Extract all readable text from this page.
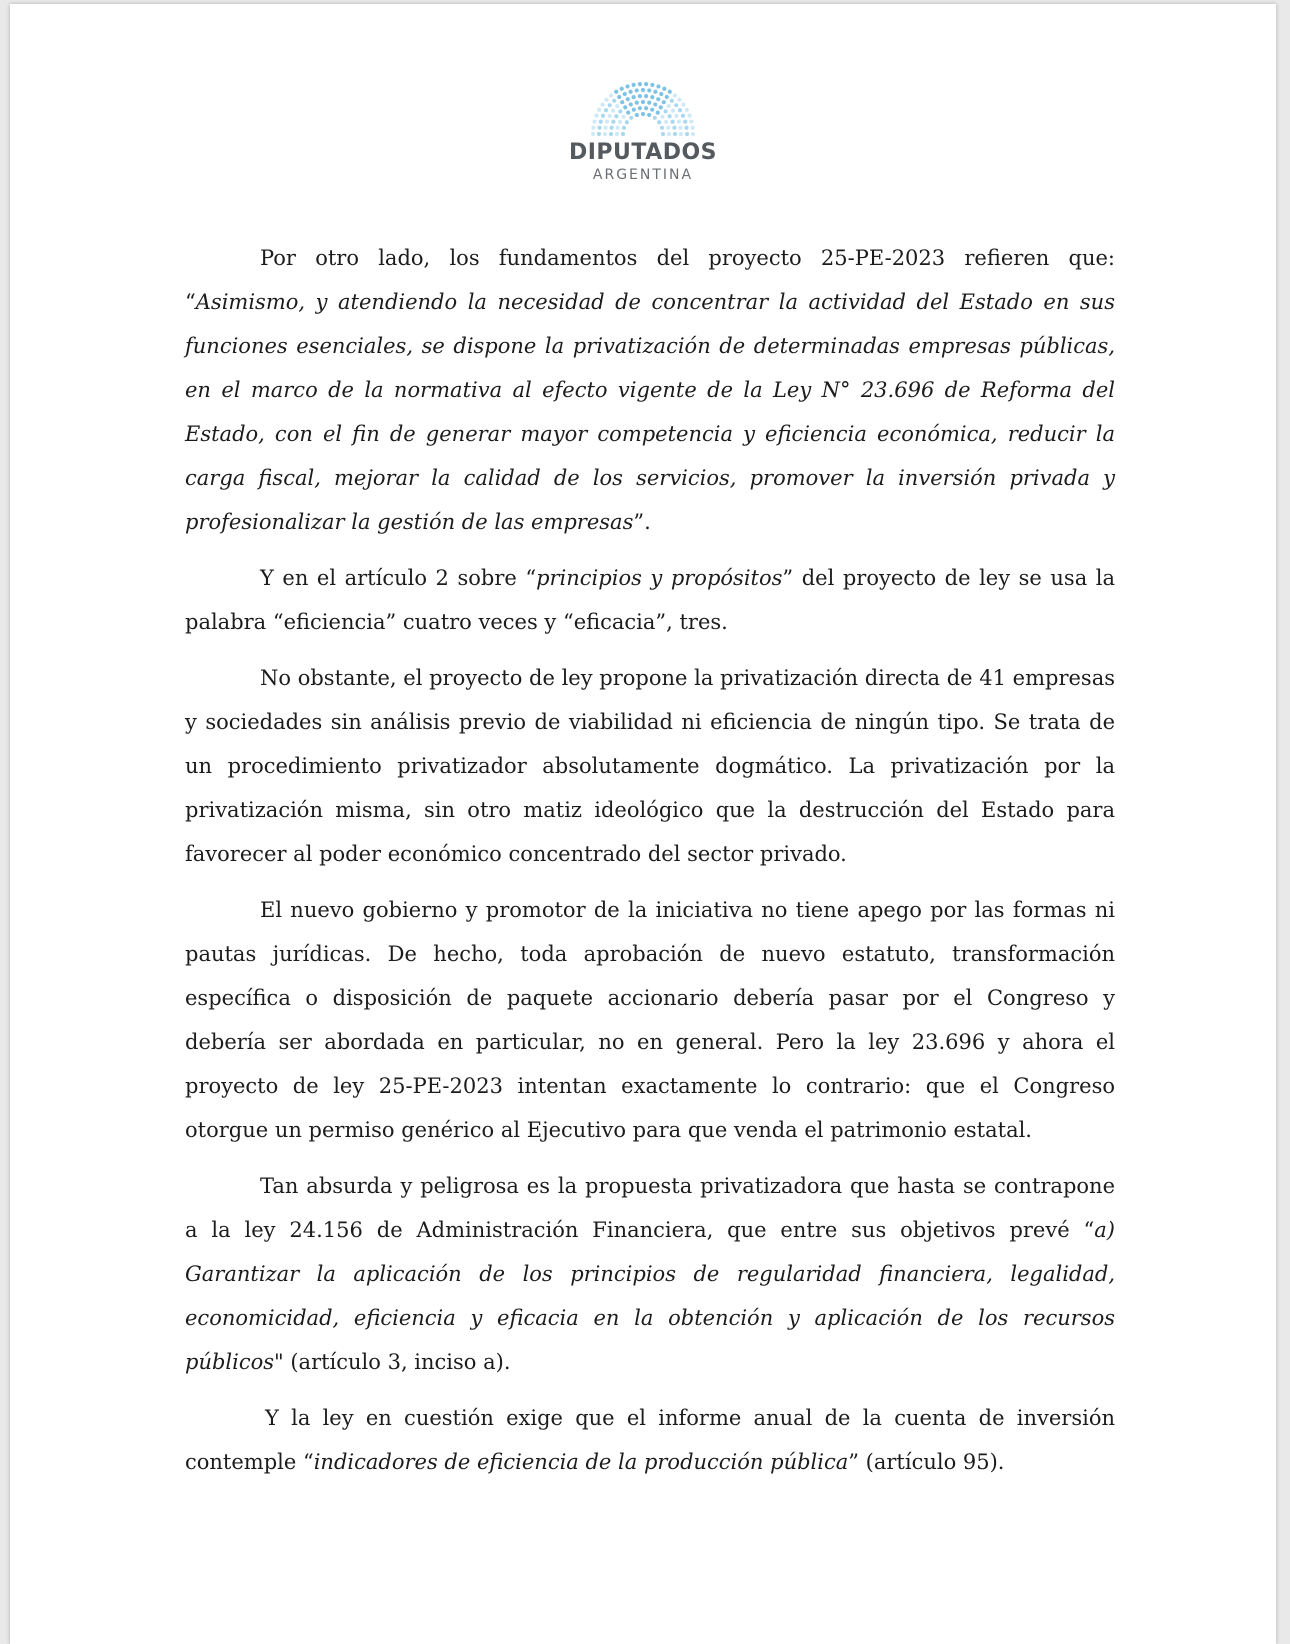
DIPUTADOS
ARGENTINA

Por otro lado, los fundamentos del proyecto 25-PE-2023 refieren que: “Asimismo, y atendiendo la necesidad de concentrar la actividad del Estado en sus funciones esenciales, se dispone la privatización de determinadas empresas públicas, en el marco de la normativa al efecto vigente de la Ley N° 23.696 de Reforma del Estado, con el fin de generar mayor competencia y eficiencia económica, reducir la carga fiscal, mejorar la calidad de los servicios, promover la inversión privada y profesionalizar la gestión de las empresas”.

Y en el artículo 2 sobre “principios y propósitos” del proyecto de ley se usa la palabra “eficiencia” cuatro veces y “eficacia”, tres.

No obstante, el proyecto de ley propone la privatización directa de 41 empresas y sociedades sin análisis previo de viabilidad ni eficiencia de ningún tipo. Se trata de un procedimiento privatizador absolutamente dogmático. La privatización por la privatización misma, sin otro matiz ideológico que la destrucción del Estado para favorecer al poder económico concentrado del sector privado.

El nuevo gobierno y promotor de la iniciativa no tiene apego por las formas ni pautas jurídicas. De hecho, toda aprobación de nuevo estatuto, transformación específica o disposición de paquete accionario debería pasar por el Congreso y debería ser abordada en particular, no en general. Pero la ley 23.696 y ahora el proyecto de ley 25-PE-2023 intentan exactamente lo contrario: que el Congreso otorgue un permiso genérico al Ejecutivo para que venda el patrimonio estatal.

Tan absurda y peligrosa es la propuesta privatizadora que hasta se contrapone a la ley 24.156 de Administración Financiera, que entre sus objetivos prevé “a) Garantizar la aplicación de los principios de regularidad financiera, legalidad, economicidad, eficiencia y eficacia en la obtención y aplicación de los recursos públicos" (artículo 3, inciso a).

Y la ley en cuestión exige que el informe anual de la cuenta de inversión contemple “indicadores de eficiencia de la producción pública” (artículo 95).
